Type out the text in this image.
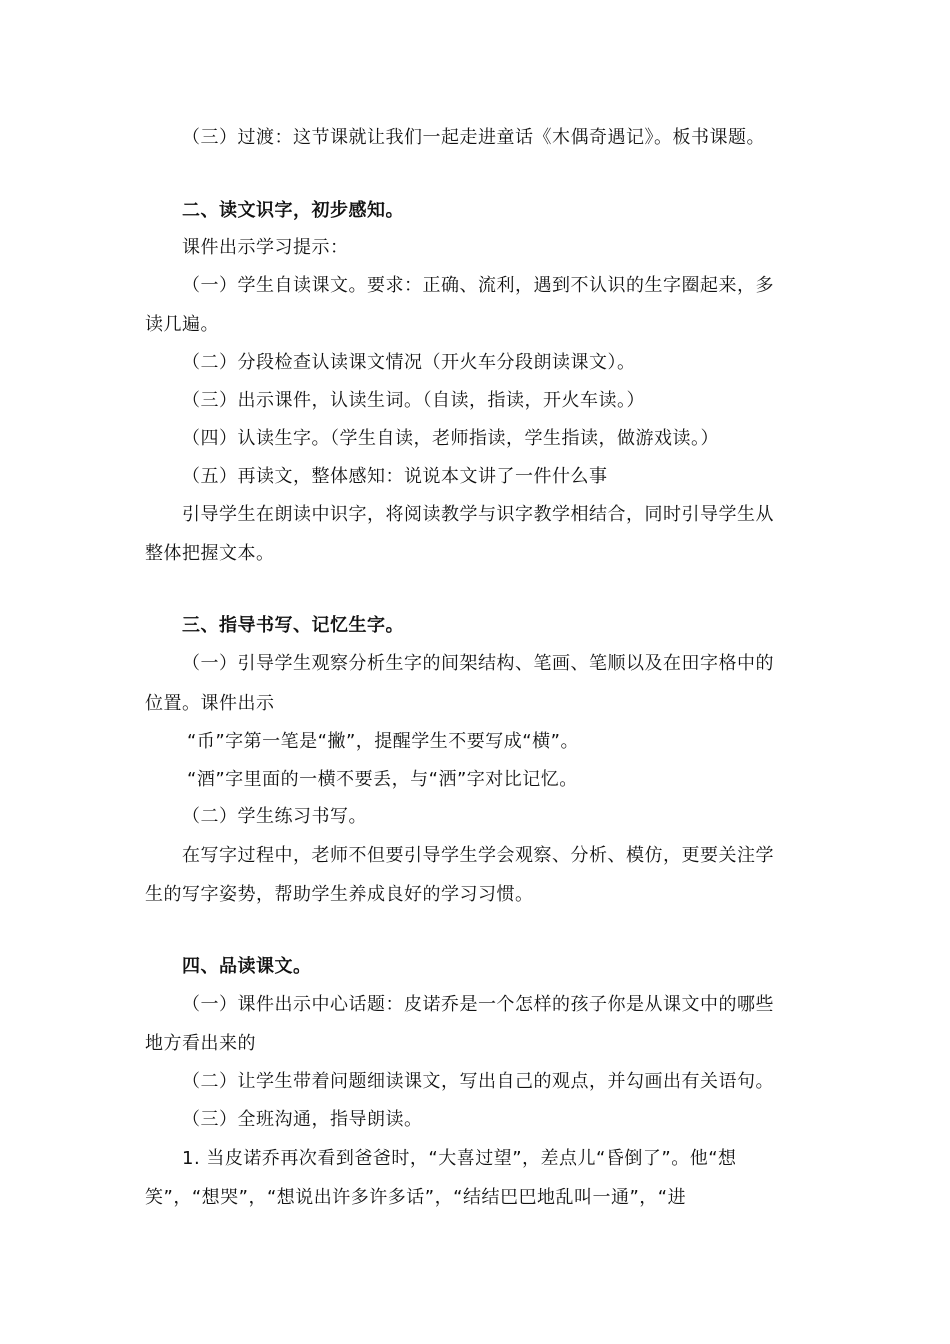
（三）过渡：这节课就让我们一起走进童话《木偶奇遇记》。板书课题。
二、读文识字，初步感知。
课件出示学习提示：
（一）学生自读课文。要求：正确、流利，遇到不认识的生字圈起来，多
读几遍。
（二）分段检查认读课文情况（开火车分段朗读课文）。
（三）出示课件，认读生词。（自读，指读，开火车读。）
（四）认读生字。（学生自读，老师指读，学生指读，做游戏读。）
（五）再读文，整体感知：说说本文讲了一件什么事
引导学生在朗读中识字，将阅读教学与识字教学相结合，同时引导学生从
整体把握文本。
三、指导书写、记忆生字。
（一）引导学生观察分析生字的间架结构、笔画、笔顺以及在田字格中的
位置。课件出示
“币”字第一笔是“撇”，提醒学生不要写成“横”。
“酒”字里面的一横不要丢，与“洒”字对比记忆。
（二）学生练习书写。
在写字过程中，老师不但要引导学生学会观察、分析、模仿，更要关注学
生的写字姿势，帮助学生养成良好的学习习惯。
四、品读课文。
（一）课件出示中心话题：皮诺乔是一个怎样的孩子你是从课文中的哪些
地方看出来的
（二）让学生带着问题细读课文，写出自己的观点，并勾画出有关语句。
（三）全班沟通，指导朗读。
1. 当皮诺乔再次看到爸爸时，“大喜过望”，差点儿“昏倒了”。他“想
笑”，“想哭”，“想说出许多许多话”，“结结巴巴地乱叫一通”，“进
